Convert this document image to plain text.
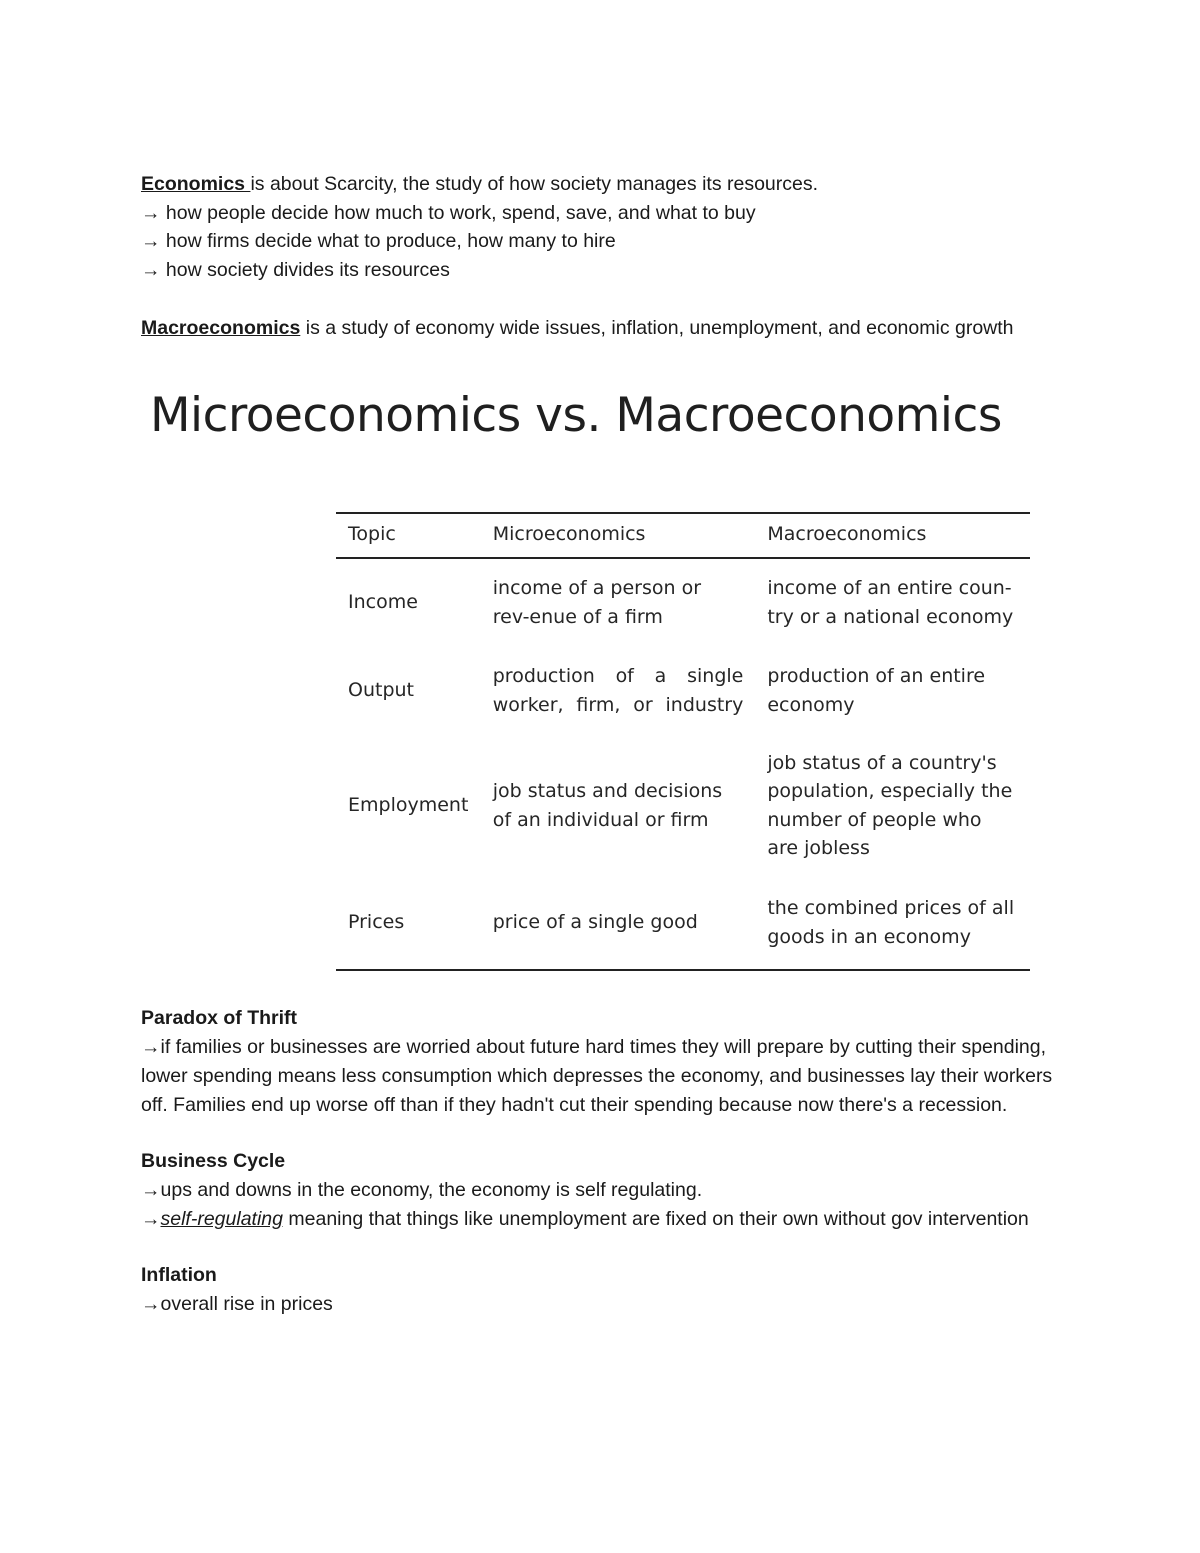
Economics is about Scarcity, the study of how society manages its resources.

→ how people decide how much to work, spend, save, and what to buy

→ how firms decide what to produce, how many to hire

→ how society divides its resources

Macroeconomics is a study of economy wide issues, inflation, unemployment, and economic growth

Microeconomics vs. Macroeconomics
Topic	Microeconomics	Macroeconomics
Income	income of a person or rev-enue of a firm	income of an entire coun-try or a national economy
Output	production of a single worker, firm, or industry	production of an entire economy
Employment	job status and decisions of an individual or firm	job status of a country's population, especially the number of people who are jobless
Prices	price of a single good	the combined prices of all goods in an economy
Paradox of Thrift

→if families or businesses are worried about future hard times they will prepare by cutting their spending, lower spending means less consumption which depresses the economy, and businesses lay their workers off. Families end up worse off than if they hadn't cut their spending because now there's a recession.

Business Cycle

→ups and downs in the economy, the economy is self regulating.

→self-regulating meaning that things like unemployment are fixed on their own without gov intervention

Inflation

→overall rise in prices
